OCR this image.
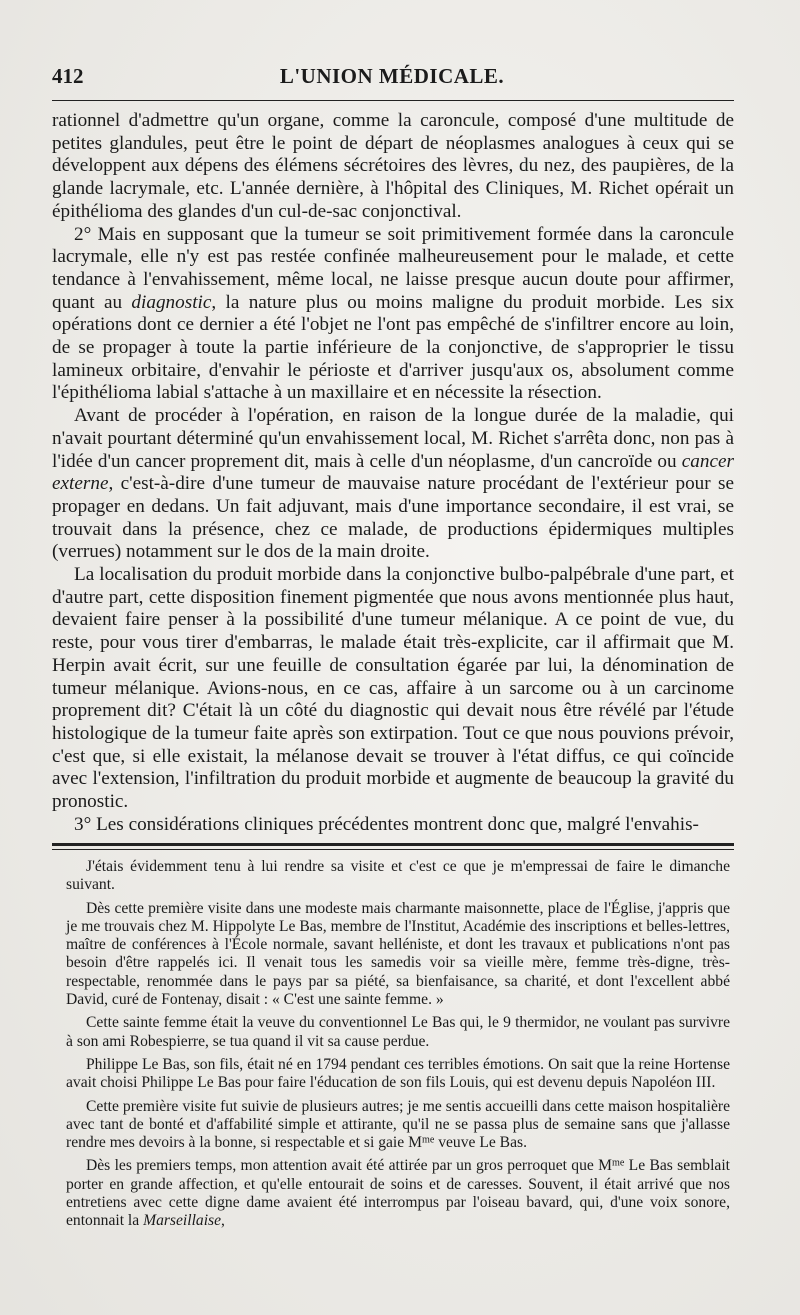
412	L'UNION MÉDICALE.

rationnel d'admettre qu'un organe, comme la caroncule, composé d'une multitude de petites glandules, peut être le point de départ de néoplasmes analogues à ceux qui se développent aux dépens des élémens sécrétoires des lèvres, du nez, des paupières, de la glande lacrymale, etc. L'année dernière, à l'hôpital des Cliniques, M. Richet opérait un épithélioma des glandes d'un cul-de-sac conjonctival.

2° Mais en supposant que la tumeur se soit primitivement formée dans la caroncule lacrymale, elle n'y est pas restée confinée malheureusement pour le malade, et cette tendance à l'envahissement, même local, ne laisse presque aucun doute pour affirmer, quant au diagnostic, la nature plus ou moins maligne du produit morbide. Les six opérations dont ce dernier a été l'objet ne l'ont pas empêché de s'infiltrer encore au loin, de se propager à toute la partie inférieure de la conjonctive, de s'approprier le tissu lamineux orbitaire, d'envahir le périoste et d'arriver jusqu'aux os, absolument comme l'épithélioma labial s'attache à un maxillaire et en nécessite la résection.

Avant de procéder à l'opération, en raison de la longue durée de la maladie, qui n'avait pourtant déterminé qu'un envahissement local, M. Richet s'arrêta donc, non pas à l'idée d'un cancer proprement dit, mais à celle d'un néoplasme, d'un cancroïde ou cancer externe, c'est-à-dire d'une tumeur de mauvaise nature procédant de l'extérieur pour se propager en dedans. Un fait adjuvant, mais d'une importance secondaire, il est vrai, se trouvait dans la présence, chez ce malade, de productions épidermiques multiples (verrues) notamment sur le dos de la main droite.

La localisation du produit morbide dans la conjonctive bulbo-palpébrale d'une part, et d'autre part, cette disposition finement pigmentée que nous avons mentionnée plus haut, devaient faire penser à la possibilité d'une tumeur mélanique. A ce point de vue, du reste, pour vous tirer d'embarras, le malade était très-explicite, car il affirmait que M. Herpin avait écrit, sur une feuille de consultation égarée par lui, la dénomination de tumeur mélanique. Avions-nous, en ce cas, affaire à un sarcome ou à un carcinome proprement dit? C'était là un côté du diagnostic qui devait nous être révélé par l'étude histologique de la tumeur faite après son extirpation. Tout ce que nous pouvions prévoir, c'est que, si elle existait, la mélanose devait se trouver à l'état diffus, ce qui coïncide avec l'extension, l'infiltration du produit morbide et augmente de beaucoup la gravité du pronostic.

3° Les considérations cliniques précédentes montrent donc que, malgré l'envahis-

J'étais évidemment tenu à lui rendre sa visite et c'est ce que je m'empressai de faire le dimanche suivant.

Dès cette première visite dans une modeste mais charmante maisonnette, place de l'Église, j'appris que je me trouvais chez M. Hippolyte Le Bas, membre de l'Institut, Académie des inscriptions et belles-lettres, maître de conférences à l'École normale, savant helléniste, et dont les travaux et publications n'ont pas besoin d'être rappelés ici. Il venait tous les samedis voir sa vieille mère, femme très-digne, très-respectable, renommée dans le pays par sa piété, sa bienfaisance, sa charité, et dont l'excellent abbé David, curé de Fontenay, disait : « C'est une sainte femme. »

Cette sainte femme était la veuve du conventionnel Le Bas qui, le 9 thermidor, ne voulant pas survivre à son ami Robespierre, se tua quand il vit sa cause perdue.

Philippe Le Bas, son fils, était né en 1794 pendant ces terribles émotions. On sait que la reine Hortense avait choisi Philippe Le Bas pour faire l'éducation de son fils Louis, qui est devenu depuis Napoléon III.

Cette première visite fut suivie de plusieurs autres; je me sentis accueilli dans cette maison hospitalière avec tant de bonté et d'affabilité simple et attirante, qu'il ne se passa plus de semaine sans que j'allasse rendre mes devoirs à la bonne, si respectable et si gaie $M^{me}$ veuve Le Bas.

Dès les premiers temps, mon attention avait été attirée par un gros perroquet que $M^{me}$ Le Bas semblait porter en grande affection, et qu'elle entourait de soins et de caresses. Souvent, il était arrivé que nos entretiens avec cette digne dame avaient été interrompus par l'oiseau bavard, qui, d'une voix sonore, entonnait la Marseillaise,
